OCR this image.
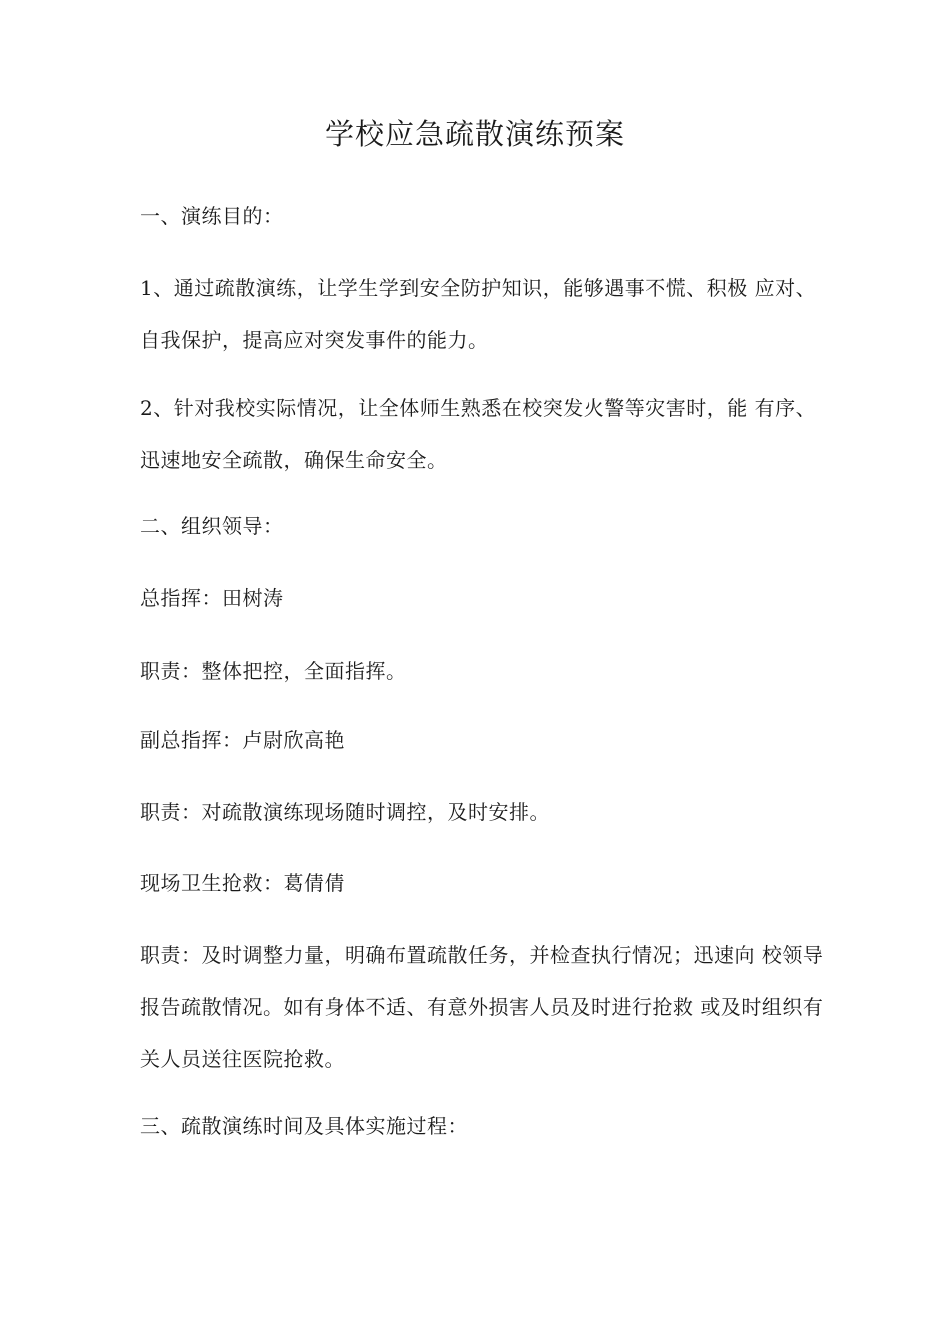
学校应急疏散演练预案

一、演练目的：

1、通过疏散演练，让学生学到安全防护知识，能够遇事不慌、积极 应对、自我保护，提高应对突发事件的能力。

2、针对我校实际情况，让全体师生熟悉在校突发火警等灾害时，能 有序、迅速地安全疏散，确保生命安全。

二、组织领导：

总指挥：田树涛

职责：整体把控，全面指挥。

副总指挥：卢尉欣高艳

职责：对疏散演练现场随时调控，及时安排。

现场卫生抢救：葛倩倩

职责：及时调整力量，明确布置疏散任务，并检查执行情况；迅速向 校领导报告疏散情况。如有身体不适、有意外损害人员及时进行抢救 或及时组织有关人员送往医院抢救。

三、疏散演练时间及具体实施过程：
